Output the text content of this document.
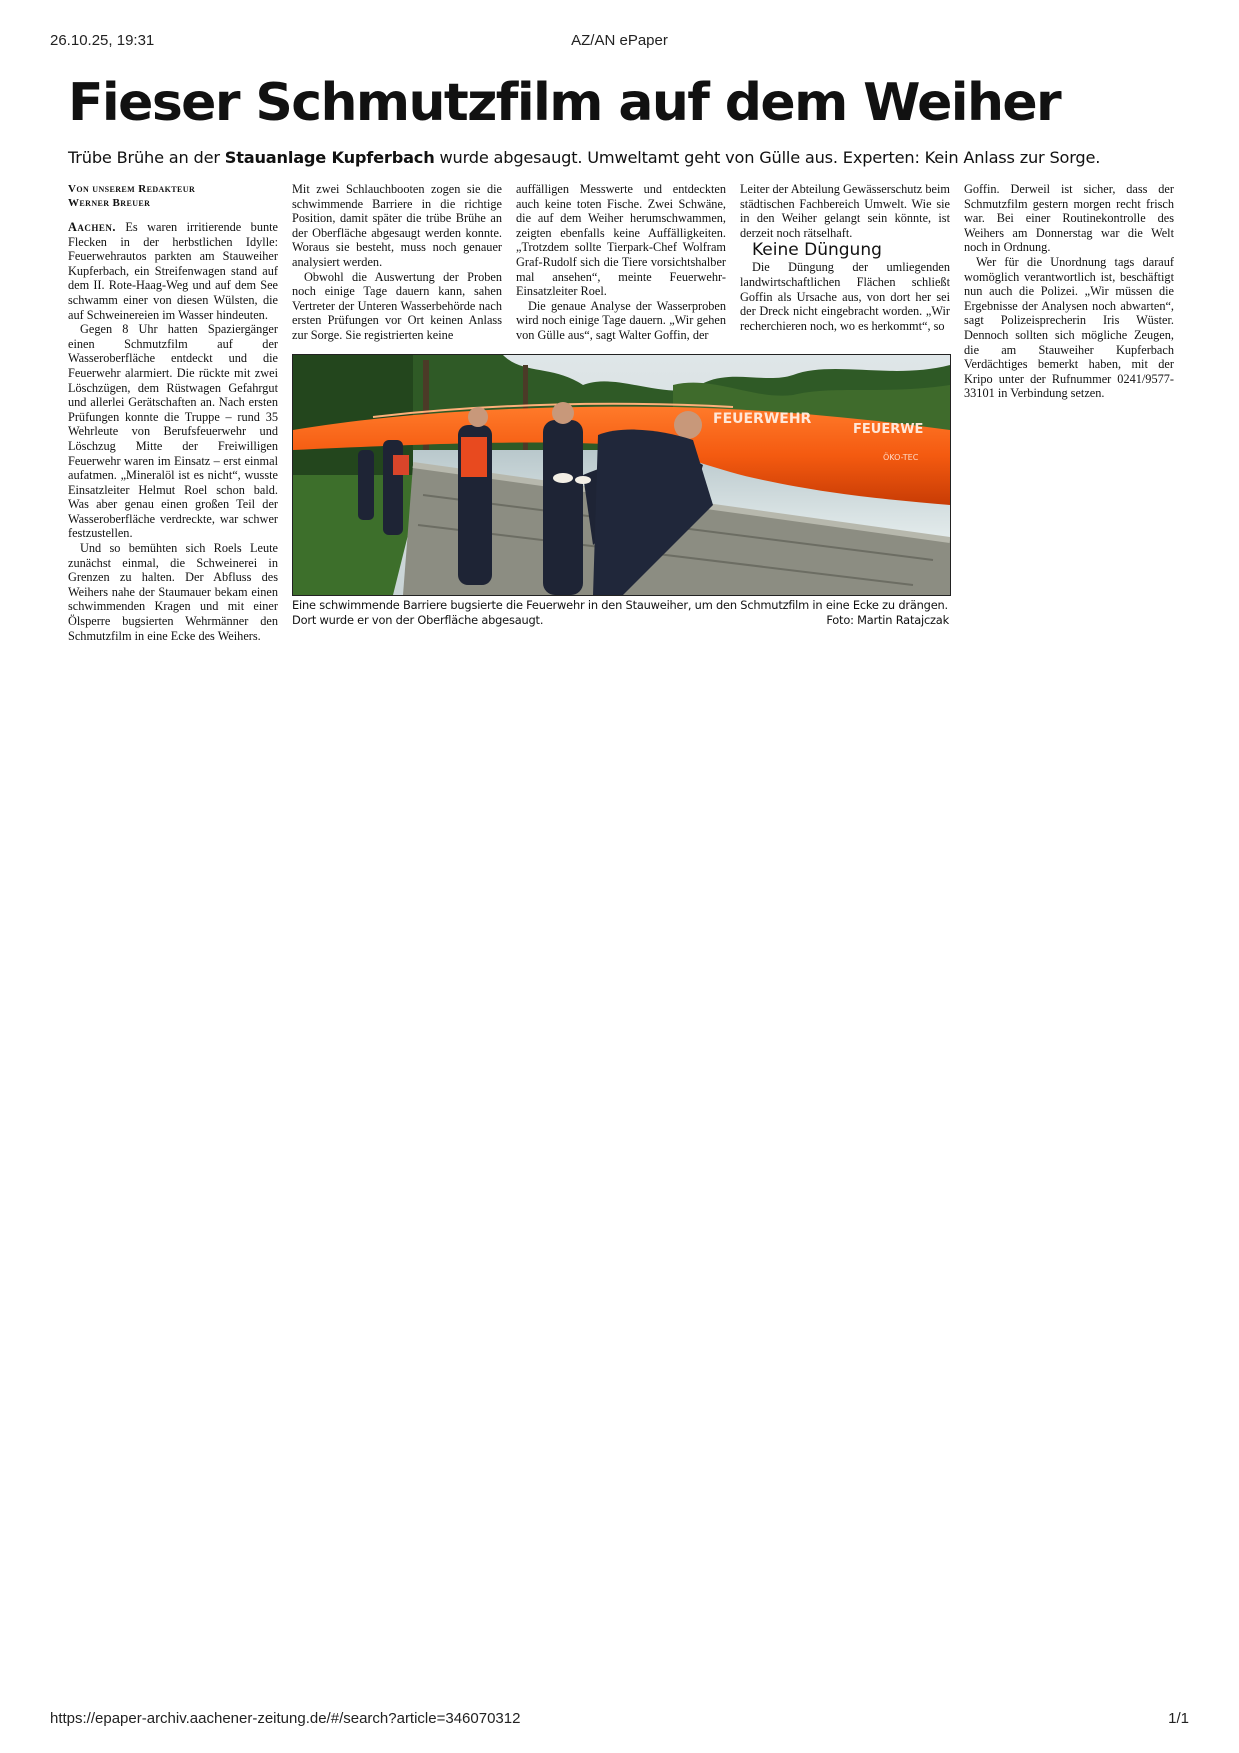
26.10.25, 19:31	AZ/AN ePaper
Fieser Schmutzfilm auf dem Weiher
Trübe Brühe an der Stauanlage Kupferbach wurde abgesaugt. Umweltamt geht von Gülle aus. Experten: Kein Anlass zur Sorge.
Von unserem Redakteur
Werner Breuer

Aachen. Es waren irritierende bunte Flecken in der herbstlichen Idylle: Feuerwehrautos parkten am Stauweiher Kupferbach, ein Streifenwagen stand auf dem II. Rote-Haag-Weg und auf dem See schwamm einer von diesen Wülsten, die auf Schweinereien im Wasser hindeuten.

Gegen 8 Uhr hatten Spaziergänger einen Schmutzfilm auf der Wasseroberfläche entdeckt und die Feuerwehr alarmiert. Die rückte mit zwei Löschzügen, dem Rüstwagen Gefahrgut und allerlei Gerätschaften an. Nach ersten Prüfungen konnte die Truppe – rund 35 Wehrleute von Berufsfeuerwehr und Löschzug Mitte der Freiwilligen Feuerwehr waren im Einsatz – erst einmal aufatmen. „Mineralöl ist es nicht“, wusste Einsatzleiter Helmut Roel schon bald. Was aber genau einen großen Teil der Wasseroberfläche verdreckte, war schwer festzustellen.

Und so bemühten sich Roels Leute zunächst einmal, die Schweinerei in Grenzen zu halten. Der Abfluss des Weihers nahe der Staumauer bekam einen schwimmenden Kragen und mit einer Ölsperre bugsierten Wehrmänner den Schmutzfilm in eine Ecke des Weihers.

Mit zwei Schlauchbooten zogen sie die schwimmende Barriere in die richtige Position, damit später die trübe Brühe an der Oberfläche abgesaugt werden konnte. Woraus sie besteht, muss noch genauer analysiert werden.

Obwohl die Auswertung der Proben noch einige Tage dauern kann, sahen Vertreter der Unteren Wasserbehörde nach ersten Prüfungen vor Ort keinen Anlass zur Sorge. Sie registrierten keine

auffälligen Messwerte und entdeckten auch keine toten Fische. Zwei Schwäne, die auf dem Weiher herumschwammen, zeigten ebenfalls keine Auffälligkeiten. „Trotzdem sollte Tierpark-Chef Wolfram Graf-Rudolf sich die Tiere vorsichtshalber mal ansehen“, meinte Feuerwehr-Einsatzleiter Roel.

Die genaue Analyse der Wasserproben wird noch einige Tage dauern. „Wir gehen von Gülle aus“, sagt Walter Goffin, der

Leiter der Abteilung Gewässerschutz beim städtischen Fachbereich Umwelt. Wie sie in den Weiher gelangt sein könnte, ist derzeit noch rätselhaft.

Keine Düngung

Die Düngung der umliegenden landwirtschaftlichen Flächen schließt Goffin als Ursache aus, von dort her sei der Dreck nicht eingebracht worden. „Wir recherchieren noch, wo es herkommt“, so

Goffin. Derweil ist sicher, dass der Schmutzfilm gestern morgen recht frisch war. Bei einer Routinekontrolle des Weihers am Donnerstag war die Welt noch in Ordnung.

Wer für die Unordnung tags darauf womöglich verantwortlich ist, beschäftigt nun auch die Polizei. „Wir müssen die Ergebnisse der Analysen noch abwarten“, sagt Polizeisprecherin Iris Wüster. Dennoch sollten sich mögliche Zeugen, die am Stauweiher Kupferbach Verdächtiges bemerkt haben, mit der Kripo unter der Rufnummer 0241/9577-33101 in Verbindung setzen.

FEUERWEHR
FEUERWE
ÖKO-TEC
Eine schwimmende Barriere bugsierte die Feuerwehr in den Stauweiher, um den Schmutzfilm in eine Ecke zu drängen. Dort wurde er von der Oberfläche abgesaugt.	Foto: Martin Ratajczak
https://epaper-archiv.aachener-zeitung.de/#/search?article=346070312	1/1
